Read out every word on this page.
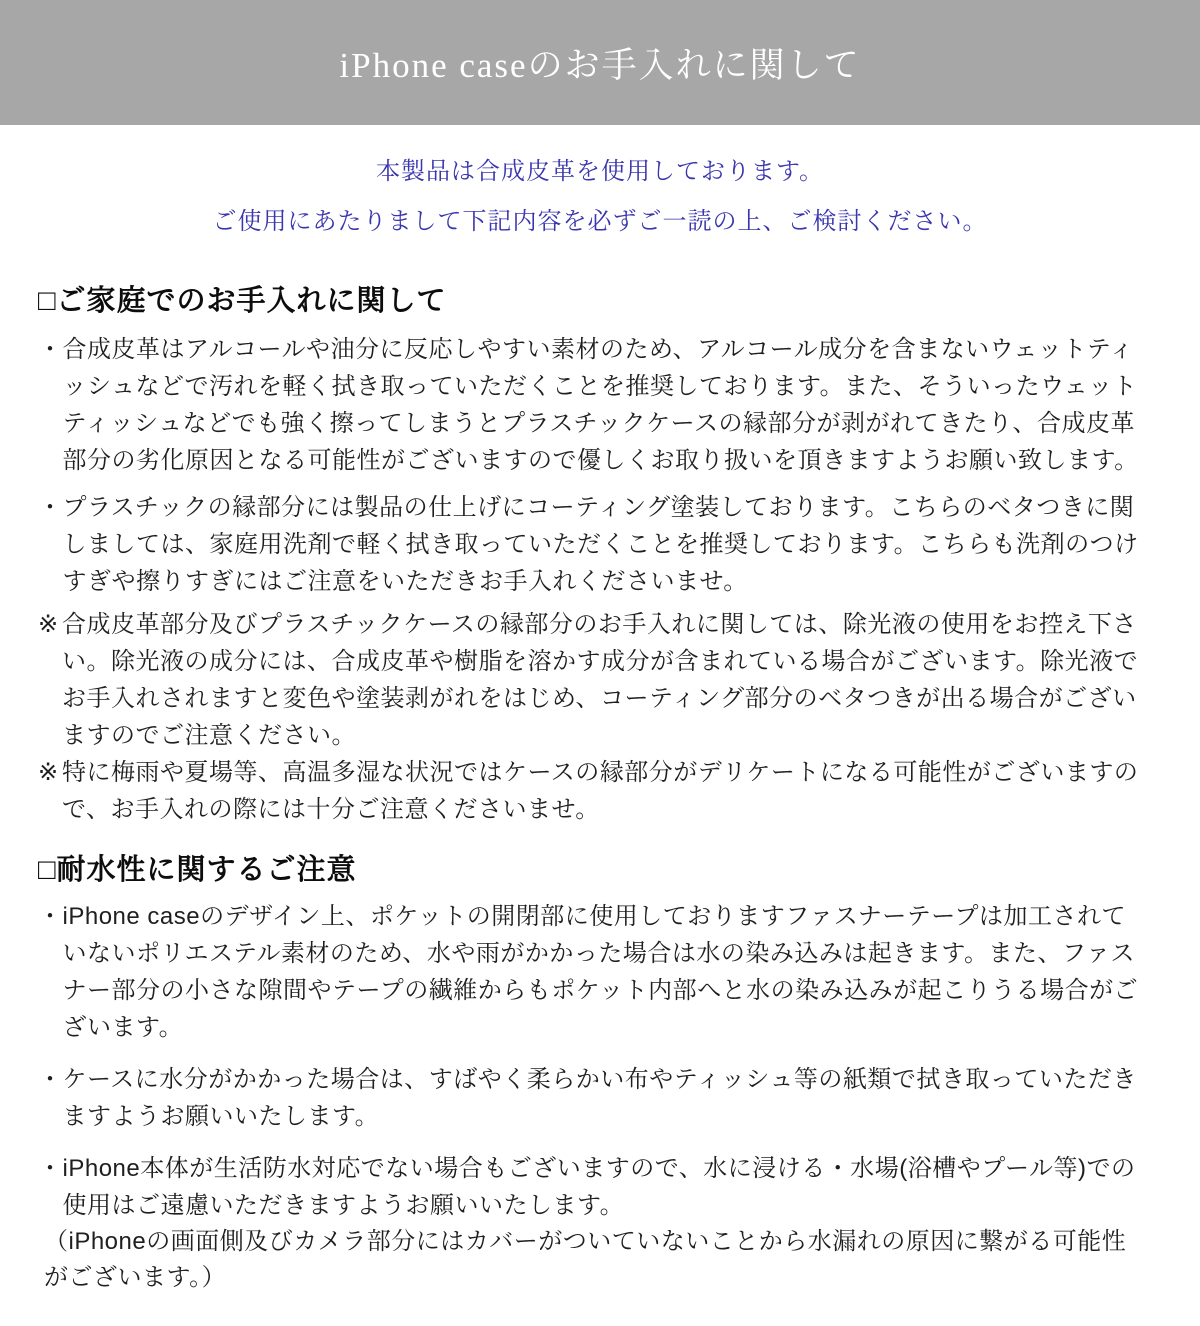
iPhone caseのお手入れに関して

本製品は合成皮革を使用しております。

ご使用にあたりまして下記内容を必ずご一読の上、ご検討ください。

□ご家庭でのお手入れに関して
・ 合成皮革はアルコールや油分に反応しやすい素材のため、アルコール成分を含まないウェットティッシュなどで汚れを軽く拭き取っていただくことを推奨しております。また、そういったウェットティッシュなどでも強く擦ってしまうとプラスチックケースの縁部分が剥がれてきたり、合成皮革部分の劣化原因となる可能性がございますので優しくお取り扱いを頂きますようお願い致します。
・ プラスチックの縁部分には製品の仕上げにコーティング塗装しております。こちらのベタつきに関しましては、家庭用洗剤で軽く拭き取っていただくことを推奨しております。こちらも洗剤のつけすぎや擦りすぎにはご注意をいただきお手入れくださいませ。
※ 合成皮革部分及びプラスチックケースの縁部分のお手入れに関しては、除光液の使用をお控え下さい。除光液の成分には、合成皮革や樹脂を溶かす成分が含まれている場合がございます。除光液でお手入れされますと変色や塗装剥がれをはじめ、コーティング部分のベタつきが出る場合がございますのでご注意ください。
※ 特に梅雨や夏場等、高温多湿な状況ではケースの縁部分がデリケートになる可能性がございますので、お手入れの際には十分ご注意くださいませ。
□耐水性に関するご注意
・ iPhone caseのデザイン上、ポケットの開閉部に使用しておりますファスナーテープは加工されていないポリエステル素材のため、水や雨がかかった場合は水の染み込みは起きます。また、ファスナー部分の小さな隙間やテープの繊維からもポケット内部へと水の染み込みが起こりうる場合がございます。
・ ケースに水分がかかった場合は、すばやく柔らかい布やティッシュ等の紙類で拭き取っていただきますようお願いいたします。
・ iPhone本体が生活防水対応でない場合もございますので、水に浸ける・水場(浴槽やプール等)での使用はご遠慮いただきますようお願いいたします。

（iPhoneの画面側及びカメラ部分にはカバーがついていないことから水漏れの原因に繋がる可能性がございます。）
